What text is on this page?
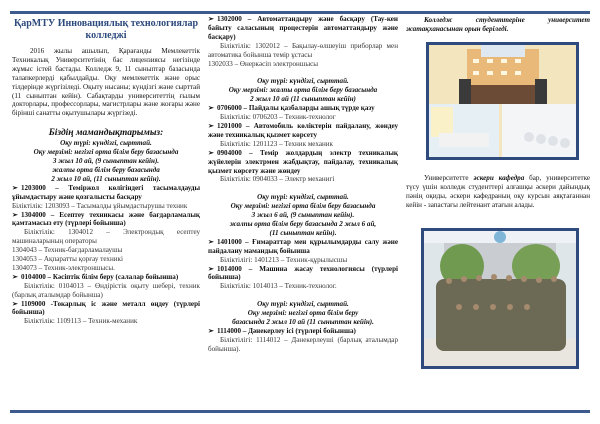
ҚарМТУ Инновациялық технологиялар колледжі
2016 жылы ашылып, Қарағанды Мемлекеттік Техникалық Университетінің бас лицензиясы негізінде жұмыс істей бастады. Колледж 9, 11 сыныптар базасында талапкерлерді қабылдайды. Оқу мемлекеттік және орыс тілдерінде жүргізіледі. Оқыту нысаны; күндізгі және сырттай (11 сыныптан кейін). Сабақтарды университеттің ғылым докторлары, профессорлары, магистрлары және жоғары және бірінші санатты оқытушылары жүргізеді.
Біздің мамандықтарымыз:
Оқу түрі: күндізгі, сырттай.
Оқу мерзімі: негізгі орта білім беру базасында
3 жыл 10 ай, (9 сыныптан кейін).
жалпы орта білім беру базасында
2 жыл 10 ай, (11 сыныптан кейін).
➢ 1203000 – Теміржол көлігіндегі тасымалдауды ұйымдастыру және қозғалысты басқару
Біліктілік: 1203093 – Тасымалды ұйымдастырушы техник
➢ 1304000 – Есептеу техникасы және бағдарламалық қамтамасыз ету (түрлері бойынша)
Біліктілік: 1304012 – Электрондық есептеу машиналарының операторы
1304043 – Техник-бағдарламалаушы
1304053 – Ақпаратты қорғау техникі
1304073 – Техник-электроншысы.
➢ 0104000 – Кәсіптік білім беру (салалар бойынша)
Біліктілік: 0104013 – Өндірістік оқыту шебері, техник (барлық аталымдар бойынша)
➢ 1109000 -Токарлық іс және металл өңдеу (түрлері бойынша)
Біліктілік: 1109113 – Техник-механик
➢ 1302000 – Автоматтандыру және басқару (Тау-кен байыту саласының процестерін автоматтандыру және басқару)
Біліктілік: 1302012 – Бақылау-өлшеуіш приборлар мен автоматика бойынша темір ұстасы
1302033 – Өнеркәсіп электроншысы
Оқу түрі: күндізгі, сырттай.
Оқу мерзімі: жалпы орта білім беру базасында
2 жыл 10 ай (11 сыныптан кейін)
➢ 0706000 – Пайдалы қазбаларды ашық түрде қазу
Біліктілік: 0706203 – Техник-технолог
➢ 1201000 – Автомобиль көліктерін пайдалану, жөндеу және техникалық қызмет көрсету
Біліктілік: 1201123 – Техник механик
➢ 0904000 – Темір жолдардың электр техникалық жүйелерін электрмен жабдықтау, пайдалау, техникалық қызмет көрсету және жөндеу
Біліктілік: 0904033 – Электр механигі
Оқу түрі: күндізгі, сырттай.
Оқу мерзімі: негізгі орта білім беру базасында
3 жыл 6 ай, (9 сыныптан кейін).
жалпы орта білім беру базасында 2 жыл 6 ай,
(11 сыныптан кейін).
➢ 1401000 – Ғимараттар мен құрылымдарды салу және пайдалану мамандық бойынша
Біліктілігі: 1401213 – Техник-құрылысшы
➢ 1014000 – Машина жасау технологиясы (түрлері бойынша)
Біліктілік: 1014013 – Техник-технолог.
Оқу түрі: күндізгі, сырттай.
Оқу мерзімі: негізгі орта білім беру
базасында 2 жыл 10 ай (11 сыныптан кейін).
➢ 1114000 – Дәнекерлеу ісі (түрлері бойынша)
Біліктілігі: 1114012 – Дәнекерлеуші (барлық аталымдар бойынша).
Колледж студенттеріне университет жатақханасынан орын беріледі.
Университетте әскери кафедра бар, университетке түсу үшін колледж студенттері алғашқы әскери дайындық пәнің оқиды, әскери кафедраның оқу курсын аяқтағаннан кейін - запастағы лейтенант атағын алады.
